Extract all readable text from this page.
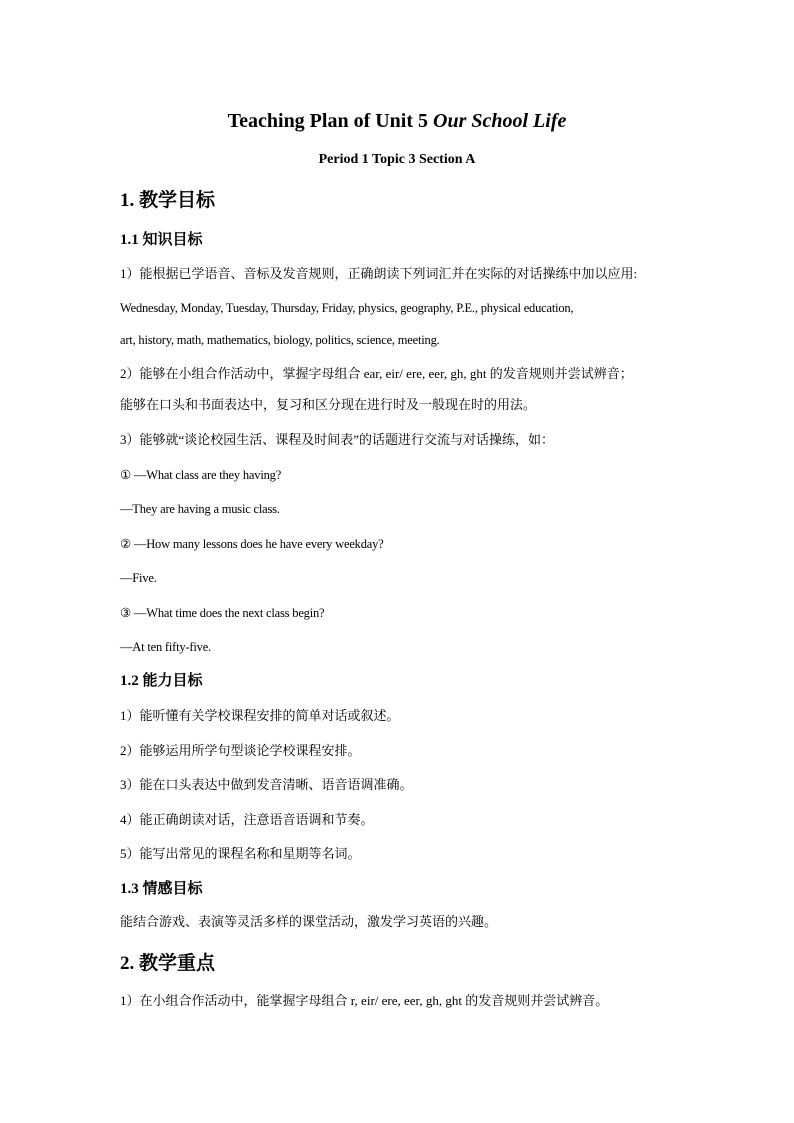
Teaching Plan of Unit 5 Our School Life
Period 1 Topic 3 Section A
1. 教学目标
1.1 知识目标
1）能根据已学语音、音标及发音规则，正确朗读下列词汇并在实际的对话操练中加以应用:
Wednesday, Monday, Tuesday, Thursday, Friday, physics, geography, P.E., physical education,
art, history, math, mathematics, biology, politics, science, meeting.
2）能够在小组合作活动中，掌握字母组合 ear, eir/ ere, eer, gh, ght 的发音规则并尝试辨音；
能够在口头和书面表达中，复习和区分现在进行时及一般现在时的用法。
3）能够就“谈论校园生活、课程及时间表”的话题进行交流与对话操练，如：
① —What class are they having?
—They are having a music class.
② —How many lessons does he have every weekday?
—Five.
③ —What time does the next class begin?
—At ten fifty-five.
1.2 能力目标
1）能听懂有关学校课程安排的简单对话或叙述。
2）能够运用所学句型谈论学校课程安排。
3）能在口头表达中做到发音清晰、语音语调准确。
4）能正确朗读对话，注意语音语调和节奏。
5）能写出常见的课程名称和星期等名词。
1.3 情感目标
能结合游戏、表演等灵活多样的课堂活动，激发学习英语的兴趣。
2. 教学重点
1）在小组合作活动中，能掌握字母组合 r, eir/ ere, eer, gh, ght 的发音规则并尝试辨音。
